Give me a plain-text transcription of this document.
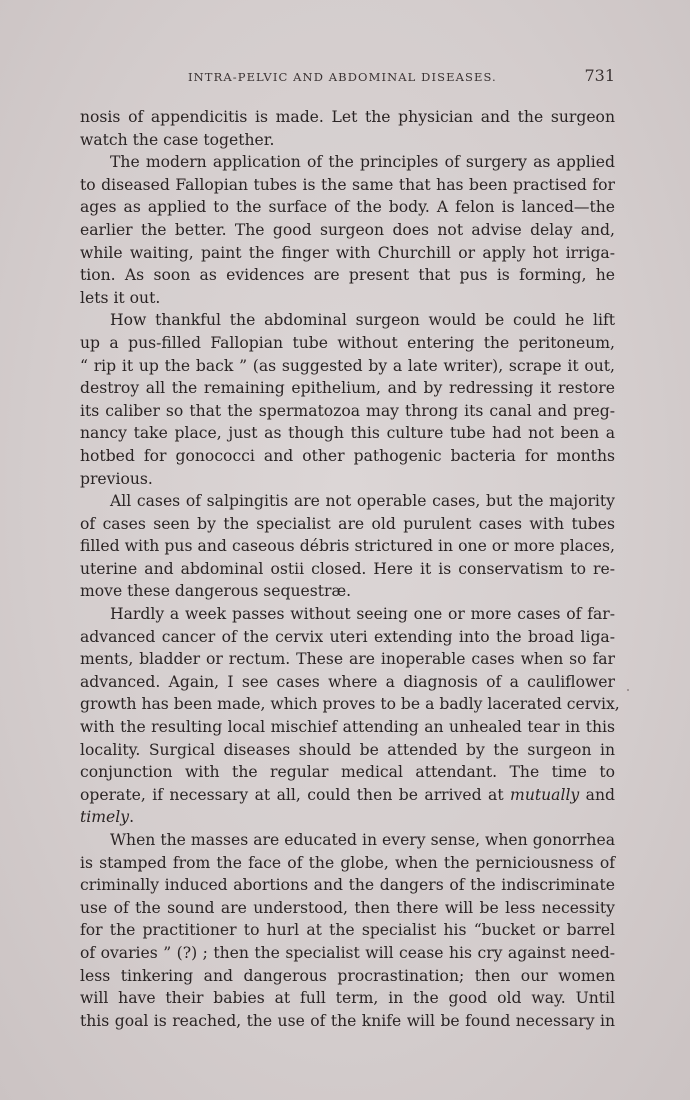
INTRA-PELVIC AND ABDOMINAL DISEASES.	731
nosis of appendicitis is made. Let the physician and the surgeon
watch the case together.
The modern application of the principles of surgery as applied
to diseased Fallopian tubes is the same that has been practised for
ages as applied to the surface of the body. A felon is lanced—the
earlier the better. The good surgeon does not advise delay and,
while waiting, paint the finger with Churchill or apply hot irriga-
tion. As soon as evidences are present that pus is forming, he
lets it out.
How thankful the abdominal surgeon would be could he lift
up a pus-filled Fallopian tube without entering the peritoneum,
“ rip it up the back ” (as suggested by a late writer), scrape it out,
destroy all the remaining epithelium, and by redressing it restore
its caliber so that the spermatozoa may throng its canal and preg-
nancy take place, just as though this culture tube had not been a
hotbed for gonococci and other pathogenic bacteria for months
previous.
All cases of salpingitis are not operable cases, but the majority
of cases seen by the specialist are old purulent cases with tubes
filled with pus and caseous débris strictured in one or more places,
uterine and abdominal ostii closed. Here it is conservatism to re-
move these dangerous sequestræ.
Hardly a week passes without seeing one or more cases of far-
advanced cancer of the cervix uteri extending into the broad liga-
ments, bladder or rectum. These are inoperable cases when so far
advanced. Again, I see cases where a diagnosis of a cauliflower
growth has been made, which proves to be a badly lacerated cervix,
with the resulting local mischief attending an unhealed tear in this
locality. Surgical diseases should be attended by the surgeon in
conjunction with the regular medical attendant. The time to
operate, if necessary at all, could then be arrived at mutually and
timely.
When the masses are educated in every sense, when gonorrhea
is stamped from the face of the globe, when the perniciousness of
criminally induced abortions and the dangers of the indiscriminate
use of the sound are understood, then there will be less necessity
for the practitioner to hurl at the specialist his “bucket or barrel
of ovaries ” (?) ; then the specialist will cease his cry against need-
less tinkering and dangerous procrastination; then our women
will have their babies at full term, in the good old way. Until
this goal is reached, the use of the knife will be found necessary in
